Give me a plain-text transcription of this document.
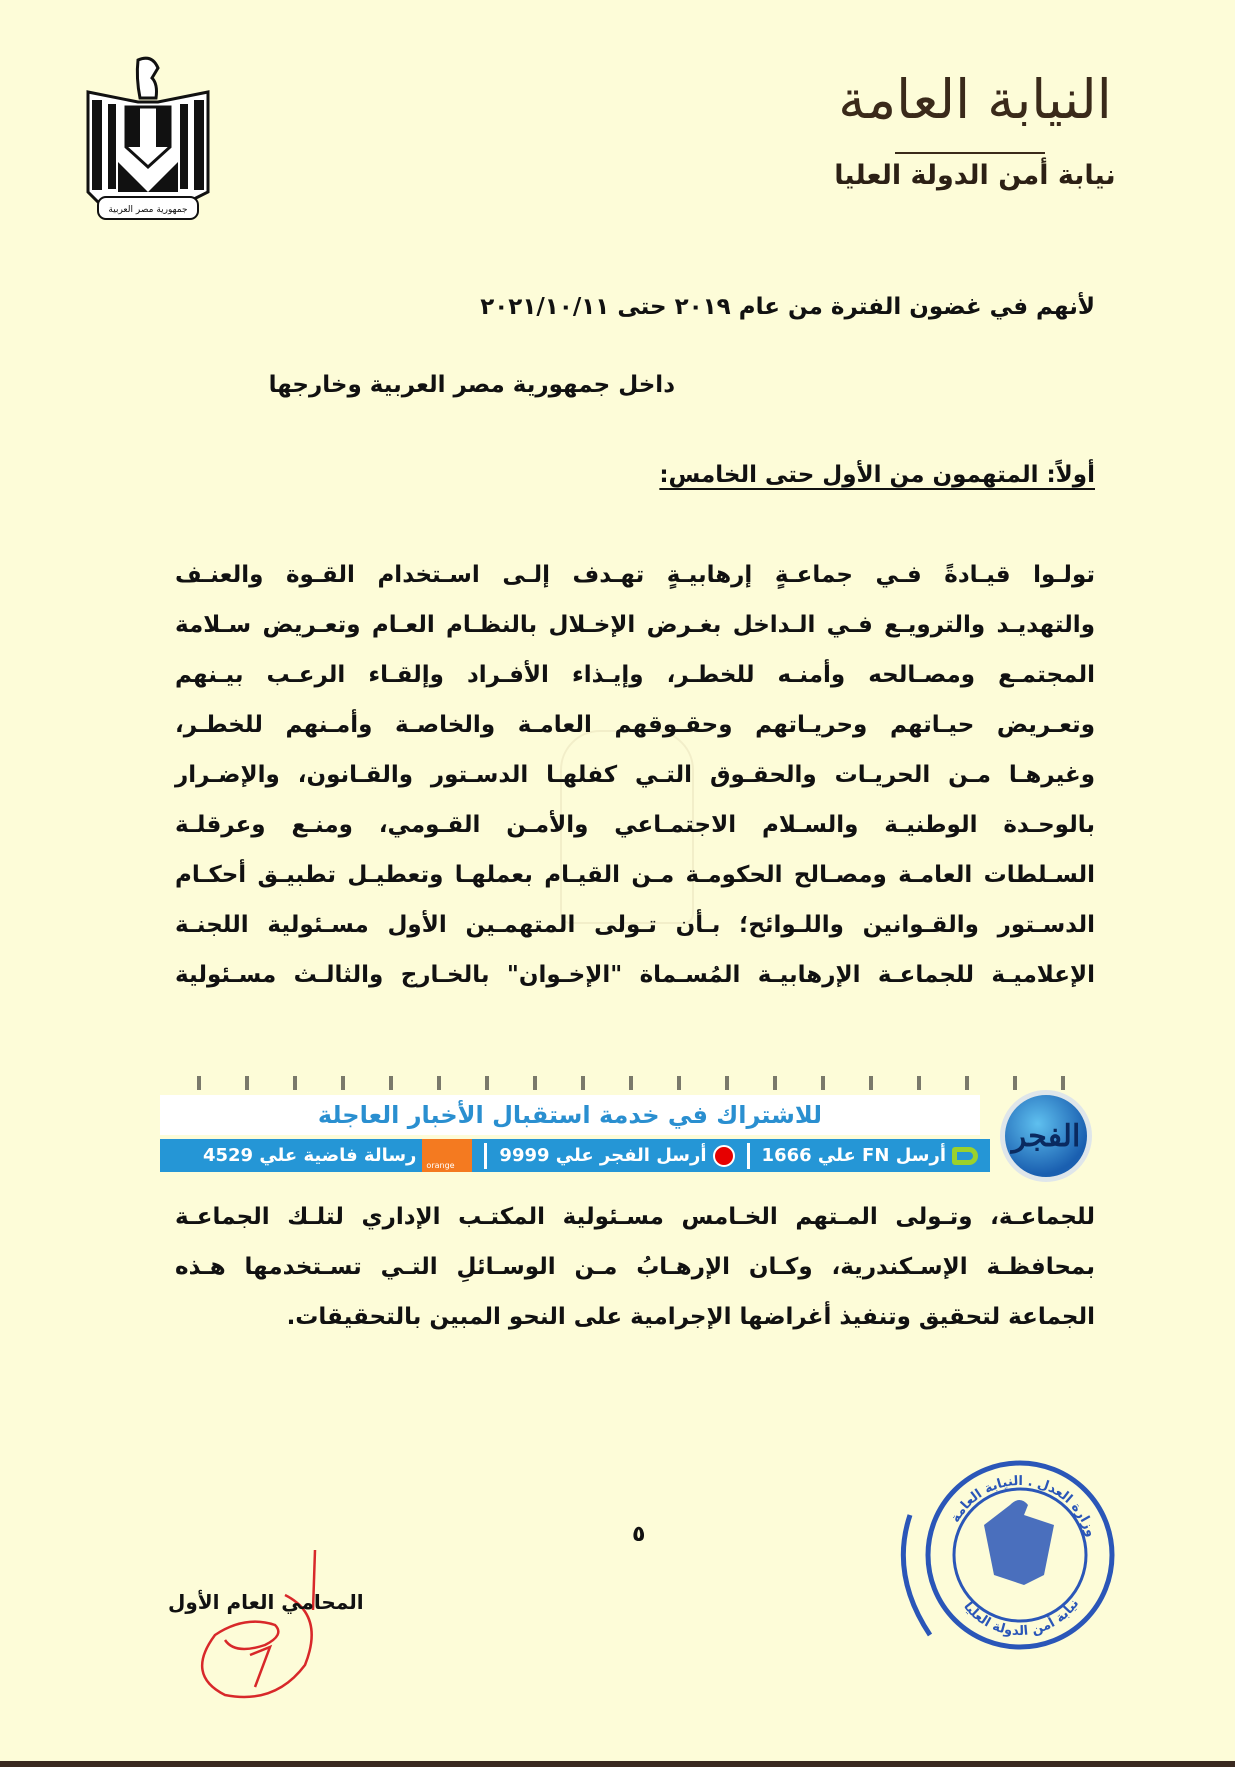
جمهورية مصر العربية
النيابة العامة
نيابة أمن الدولة العليا
لأنهم في غضون الفترة من عام ٢٠١٩ حتى ٢٠٢١/١٠/١١
داخل جمهورية مصر العربية وخارجها
أولاً: المتهمون من الأول حتى الخامس:
تولـوا قيـادةً فـي جماعـةٍ إرهابيـةٍ تهـدف إلـى اسـتخدام القـوة والعنـف
والتهديـد والترويـع فـي الـداخل بغـرض الإخـلال بالنظـام العـام وتعـريض سـلامة
المجتمـع ومصـالحه وأمنـه للخطـر، وإيـذاء الأفـراد وإلقـاء الرعـب بيـنهم
وتعـريض حيـاتهم وحريـاتهم وحقـوقهم العامـة والخاصـة وأمـنهم للخطـر،
وغيرهـا مـن الحريـات والحقـوق التـي كفلهـا الدسـتور والقـانون، والإضـرار
بالوحـدة الوطنيـة والسـلام الاجتمـاعي والأمـن القـومي، ومنـع وعرقلـة
السـلطات العامـة ومصـالح الحكومـة مـن القيـام بعملهـا وتعطيـل تطبيـق أحكـام
الدسـتور والقـوانين واللـوائح؛ بـأن تـولى المتهمـين الأول مسـئولية اللجنـة
الإعلاميـة للجماعـة الإرهابيـة المُسـماة "الإخـوان" بالخـارج والثالـث مسـئولية
للاشتراك في خدمة استقبال الأخبار العاجلة
أرسل FN علي 1666
أرسل الفجر علي 9999
orange
رسالة فاضية علي 4529
الفجر
للجماعـة، وتـولى المـتهم الخـامس مسـئولية المكتـب الإداري لتلـك الجماعـة
بمحافظـة الإسـكندرية، وكـان الإرهـابُ مـن الوسـائلِ التـي تسـتخدمها هـذه
الجماعة لتحقيق وتنفيذ أغراضها الإجرامية على النحو المبين بالتحقيقات.
٥
المحامي العام الأول
وزارة العدل . النيابة العامة
نيابة أمن الدولة العليا
